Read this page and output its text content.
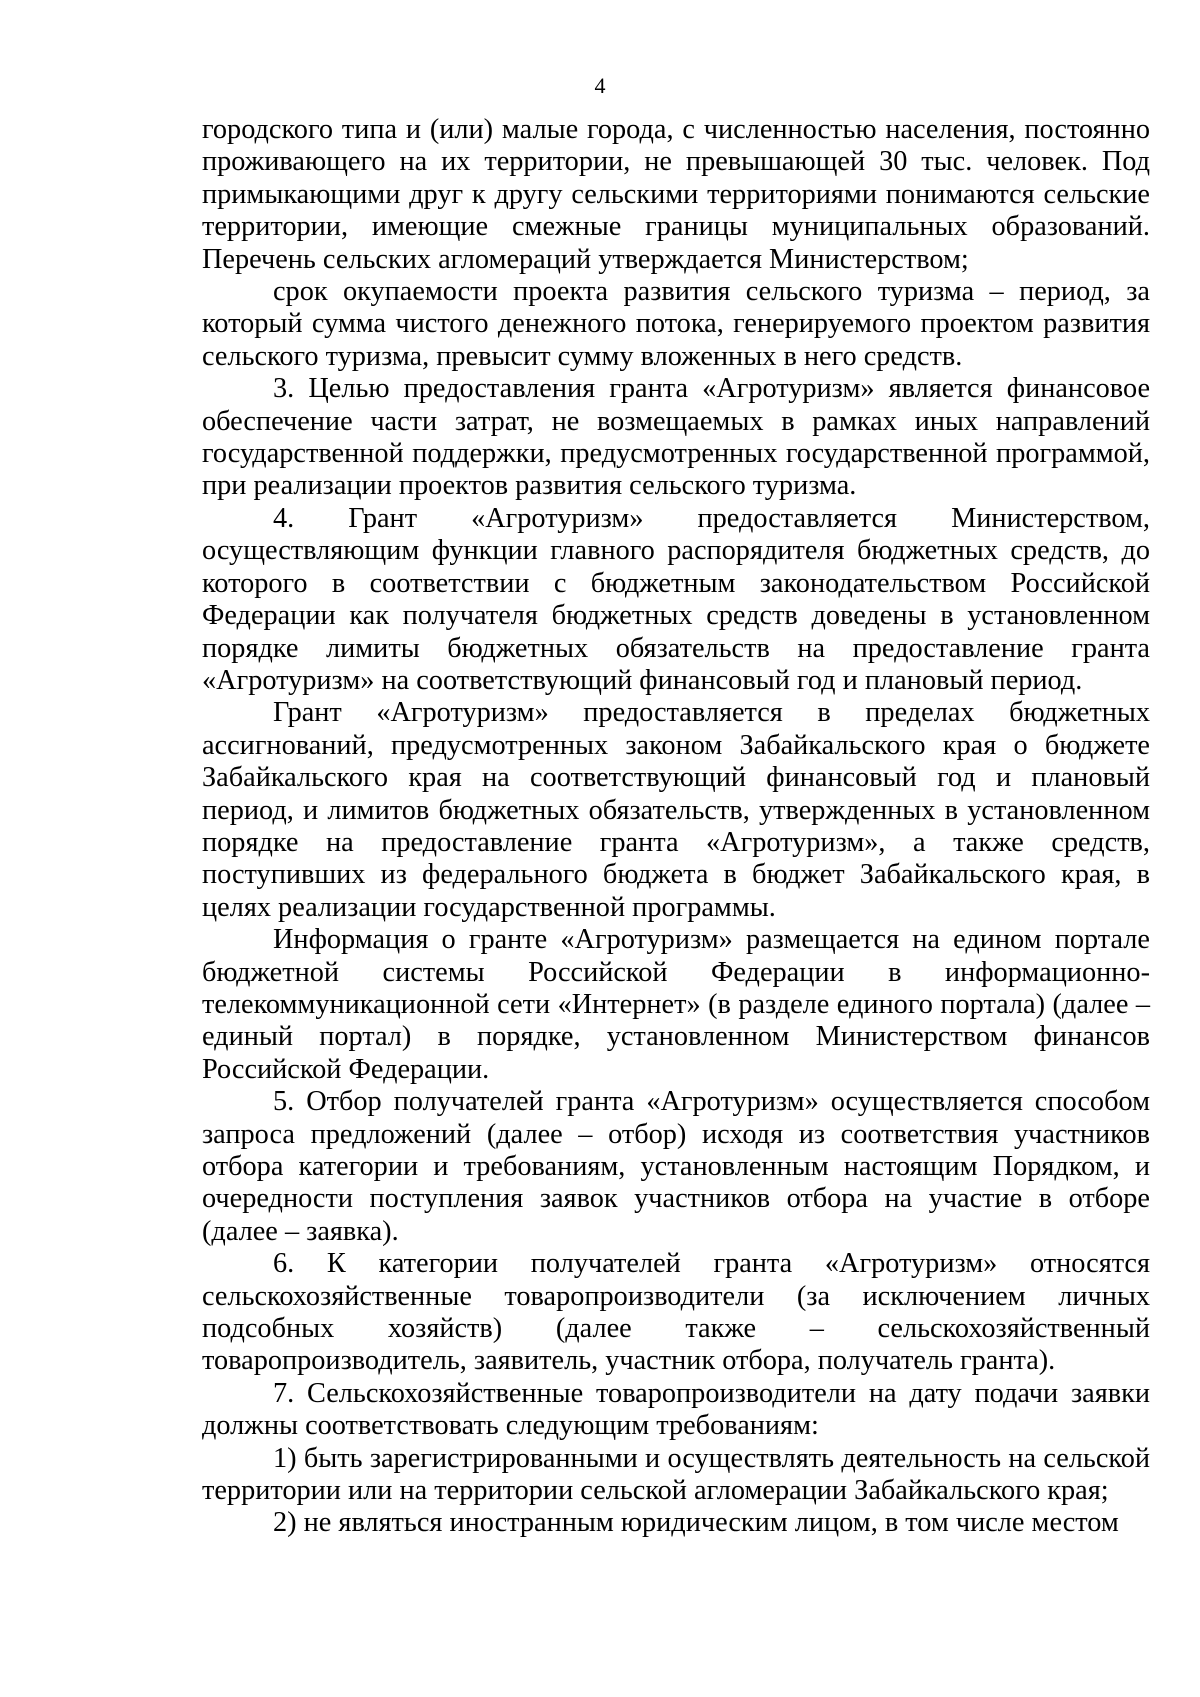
4

городского типа и (или) малые города, с численностью населения, постоянно проживающего на их территории, не превышающей 30 тыс. человек. Под примыкающими друг к другу сельскими территориями понимаются сельские территории, имеющие смежные границы муниципальных образований. Перечень сельских агломераций утверждается Министерством;

срок окупаемости проекта развития сельского туризма – период, за который сумма чистого денежного потока, генерируемого проектом развития сельского туризма, превысит сумму вложенных в него средств.

3. Целью предоставления гранта «Агротуризм» является финансовое обеспечение части затрат, не возмещаемых в рамках иных направлений государственной поддержки, предусмотренных государственной программой, при реализации проектов развития сельского туризма.

4. Грант «Агротуризм» предоставляется Министерством, осуществляющим функции главного распорядителя бюджетных средств, до которого в соответствии с бюджетным законодательством Российской Федерации как получателя бюджетных средств доведены в установленном порядке лимиты бюджетных обязательств на предоставление гранта «Агротуризм» на соответствующий финансовый год и плановый период.

Грант «Агротуризм» предоставляется в пределах бюджетных ассигнований, предусмотренных законом Забайкальского края о бюджете Забайкальского края на соответствующий финансовый год и плановый период, и лимитов бюджетных обязательств, утвержденных в установленном порядке на предоставление гранта «Агротуризм», а также средств, поступивших из федерального бюджета в бюджет Забайкальского края, в целях реализации государственной программы.

Информация о гранте «Агротуризм» размещается на едином портале бюджетной системы Российской Федерации в информационно-телекоммуникационной сети «Интернет» (в разделе единого портала) (далее – единый портал) в порядке, установленном Министерством финансов Российской Федерации.

5. Отбор получателей гранта «Агротуризм» осуществляется способом запроса предложений (далее – отбор) исходя из соответствия участников отбора категории и требованиям, установленным настоящим Порядком, и очередности поступления заявок участников отбора на участие в отборе (далее – заявка).

6. К категории получателей гранта «Агротуризм» относятся сельскохозяйственные товаропроизводители (за исключением личных подсобных хозяйств) (далее также – сельскохозяйственный товаропроизводитель, заявитель, участник отбора, получатель гранта).

7. Сельскохозяйственные товаропроизводители на дату подачи заявки должны соответствовать следующим требованиям:

1) быть зарегистрированными и осуществлять деятельность на сельской территории или на территории сельской агломерации Забайкальского края;

2) не являться иностранным юридическим лицом, в том числе местом
